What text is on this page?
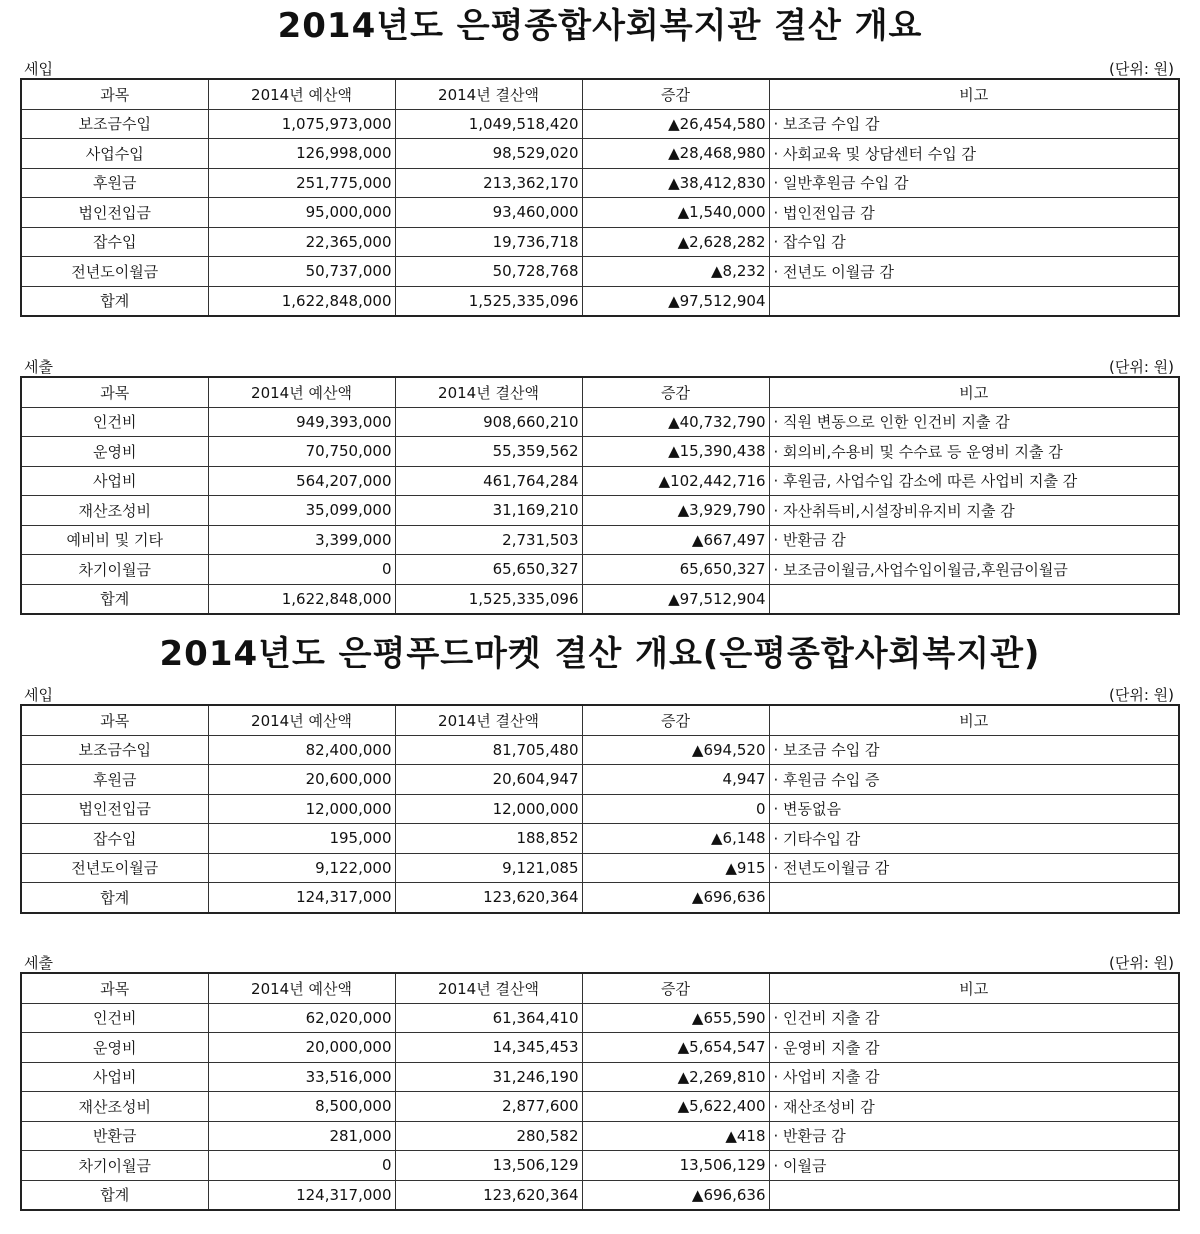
2014년도 은평종합사회복지관 결산 개요
세입	(단위: 원)
과목	2014년 예산액	2014년 결산액	증감	비고
보조금수입	1,075,973,000	1,049,518,420	▲26,454,580	· 보조금 수입 감
사업수입	126,998,000	98,529,020	▲28,468,980	· 사회교육 및 상담센터 수입 감
후원금	251,775,000	213,362,170	▲38,412,830	· 일반후원금 수입 감
법인전입금	95,000,000	93,460,000	▲1,540,000	· 법인전입금 감
잡수입	22,365,000	19,736,718	▲2,628,282	· 잡수입 감
전년도이월금	50,737,000	50,728,768	▲8,232	· 전년도 이월금 감
합계	1,622,848,000	1,525,335,096	▲97,512,904	
세출	(단위: 원)
과목	2014년 예산액	2014년 결산액	증감	비고
인건비	949,393,000	908,660,210	▲40,732,790	· 직원 변동으로 인한 인건비 지출 감
운영비	70,750,000	55,359,562	▲15,390,438	· 회의비,수용비 및 수수료 등 운영비 지출 감
사업비	564,207,000	461,764,284	▲102,442,716	· 후원금, 사업수입 감소에 따른 사업비 지출 감
재산조성비	35,099,000	31,169,210	▲3,929,790	· 자산취득비,시설장비유지비 지출 감
예비비 및 기타	3,399,000	2,731,503	▲667,497	· 반환금 감
차기이월금	0	65,650,327	65,650,327	· 보조금이월금,사업수입이월금,후원금이월금
합계	1,622,848,000	1,525,335,096	▲97,512,904	
2014년도 은평푸드마켓 결산 개요(은평종합사회복지관)
세입	(단위: 원)
과목	2014년 예산액	2014년 결산액	증감	비고
보조금수입	82,400,000	81,705,480	▲694,520	· 보조금 수입 감
후원금	20,600,000	20,604,947	4,947	· 후원금 수입 증
법인전입금	12,000,000	12,000,000	0	· 변동없음
잡수입	195,000	188,852	▲6,148	· 기타수입 감
전년도이월금	9,122,000	9,121,085	▲915	· 전년도이월금 감
합계	124,317,000	123,620,364	▲696,636	
세출	(단위: 원)
과목	2014년 예산액	2014년 결산액	증감	비고
인건비	62,020,000	61,364,410	▲655,590	· 인건비 지출 감
운영비	20,000,000	14,345,453	▲5,654,547	· 운영비 지출 감
사업비	33,516,000	31,246,190	▲2,269,810	· 사업비 지출 감
재산조성비	8,500,000	2,877,600	▲5,622,400	· 재산조성비 감
반환금	281,000	280,582	▲418	· 반환금 감
차기이월금	0	13,506,129	13,506,129	· 이월금
합계	124,317,000	123,620,364	▲696,636	
